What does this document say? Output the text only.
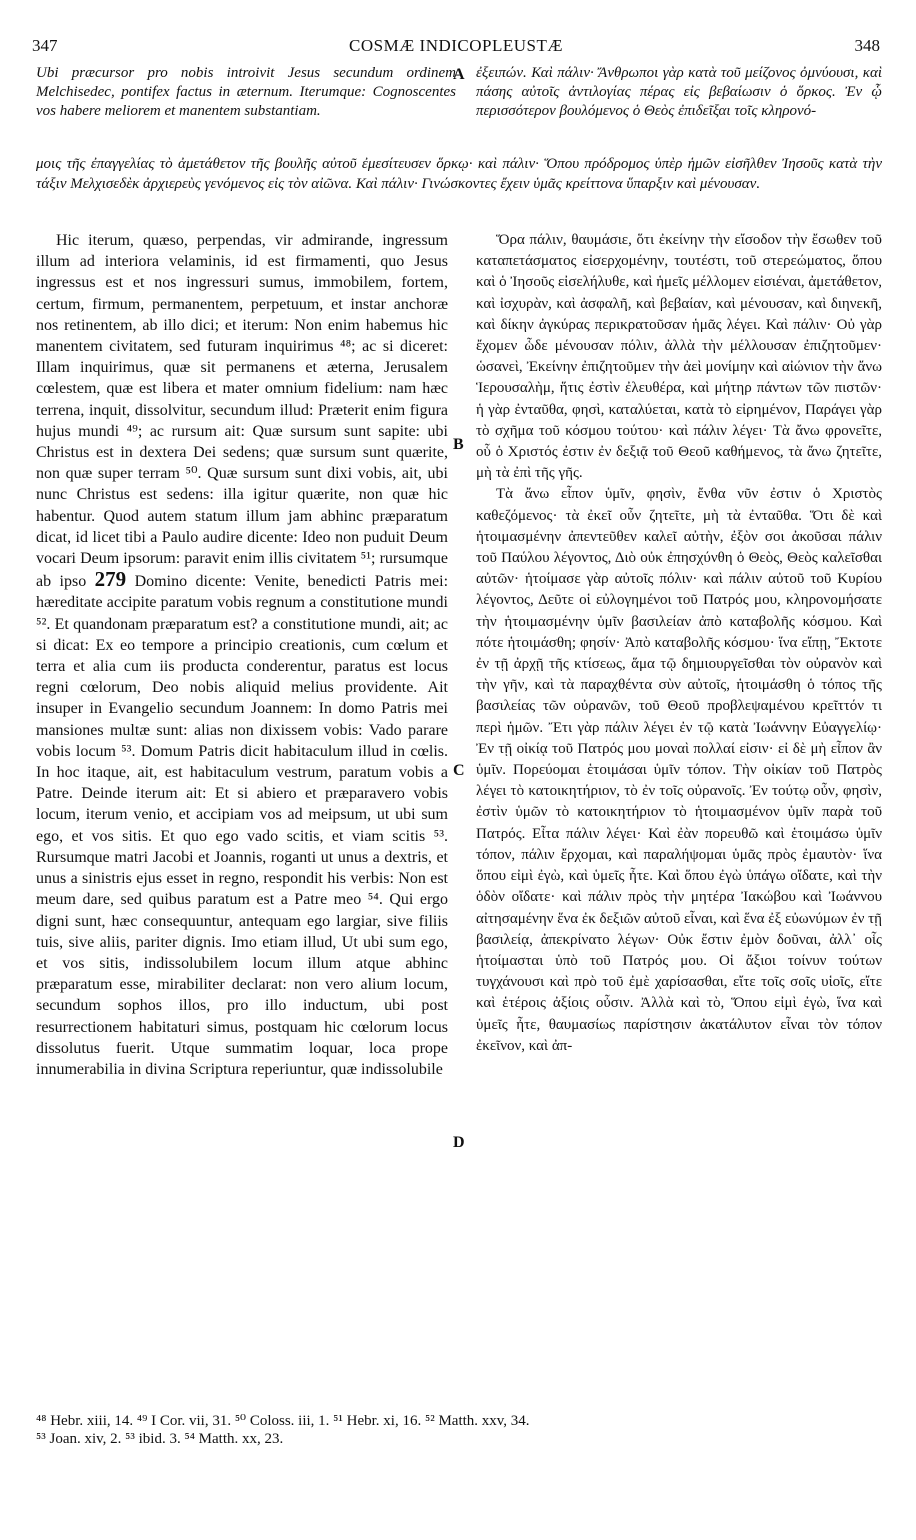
347	COSMÆ INDICOPLEUSTÆ	348
Ubi præcursor pro nobis introivit Jesus secundum ordinem Melchisedec, pontifex factus in æternum. Iterumque: Cognoscentes vos habere meliorem et manentem substantiam.
ἐξειπών. Καὶ πάλιν· Ἄνθρωποι γὰρ κατὰ τοῦ μείζονος ὀμνύουσι, καὶ πάσης αὐτοῖς ἀντιλογίας πέρας εἰς βεβαίωσιν ὁ ὅρκος. Ἐν ᾧ περισσότερον βουλόμενος ὁ Θεὸς ἐπιδεῖξαι τοῖς κληρονό-
μοις τῆς ἐπαγγελίας τὸ ἀμετάθετον τῆς βουλῆς αὐτοῦ ἐμεσίτευσεν ὅρκῳ· καὶ πάλιν· Ὅπου πρόδρομος ὑπὲρ ἡμῶν εἰσῆλθεν Ἰησοῦς κατὰ τὴν τάξιν Μελχισεδὲκ ἀρχιερεὺς γενόμενος εἰς τὸν αἰῶνα. Καὶ πάλιν· Γινώσκοντες ἔχειν ὑμᾶς κρείττονα ὕπαρξιν καὶ μένουσαν.
A
B
C
D

Hic iterum, quæso, perpendas, vir admirande, ingressum illum ad interiora velaminis, id est firmamenti, quo Jesus ingressus est et nos ingressuri sumus, immobilem, fortem, certum, firmum, permanentem, perpetuum, et instar anchoræ nos retinentem, ab illo dici; et iterum: Non enim habemus hic manentem civitatem, sed futuram inquirimus ⁴⁸; ac si diceret: Illam inquirimus, quæ sit permanens et æterna, Jerusalem cœlestem, quæ est libera et mater omnium fidelium: nam hæc terrena, inquit, dissolvitur, secundum illud: Præterit enim figura hujus mundi ⁴⁹; ac rursum ait: Quæ sursum sunt sapite: ubi Christus est in dextera Dei sedens; quæ sursum sunt quærite, non quæ super terram ⁵⁰. Quæ sursum sunt dixi vobis, ait, ubi nunc Christus est sedens: illa igitur quærite, non quæ hic habentur. Quod autem statum illum jam abhinc præparatum dicat, id licet tibi a Paulo audire dicente: Ideo non puduit Deum vocari Deum ipsorum: paravit enim illis civitatem ⁵¹; rursumque ab ipso 279 Domino dicente: Venite, benedicti Patris mei: hæreditate accipite paratum vobis regnum a constitutione mundi ⁵². Et quandonam præparatum est? a constitutione mundi, ait; ac si dicat: Ex eo tempore a principio creationis, cum cœlum et terra et alia cum iis producta conderentur, paratus est locus regni cœlorum, Deo nobis aliquid melius providente. Ait insuper in Evangelio secundum Joannem: In domo Patris mei mansiones multæ sunt: alias non dixissem vobis: Vado parare vobis locum ⁵³. Domum Patris dicit habitaculum illud in cœlis. In hoc itaque, ait, est habitaculum vestrum, paratum vobis a Patre. Deinde iterum ait: Et si abiero et præparavero vobis locum, iterum venio, et accipiam vos ad meipsum, ut ubi sum ego, et vos sitis. Et quo ego vado scitis, et viam scitis ⁵³. Rursumque matri Jacobi et Joannis, roganti ut unus a dextris, et unus a sinistris ejus esset in regno, respondit his verbis: Non est meum dare, sed quibus paratum est a Patre meo ⁵⁴. Qui ergo digni sunt, hæc consequuntur, antequam ego largiar, sive filiis tuis, sive aliis, pariter dignis. Imo etiam illud, Ut ubi sum ego, et vos sitis, indissolubilem locum illum atque abhinc præparatum esse, mirabiliter declarat: non vero alium locum, secundum sophos illos, pro illo inductum, ubi post resurrectionem habitaturi simus, postquam hic cœlorum locus dissolutus fuerit. Utque summatim loquar, loca prope innumerabilia in divina Scriptura reperiuntur, quæ indissolubile

Ὅρα πάλιν, θαυμάσιε, ὅτι ἐκείνην τὴν εἴσοδον τὴν ἔσωθεν τοῦ καταπετάσματος εἰσερχομένην, τουτέστι, τοῦ στερεώματος, ὅπου καὶ ὁ Ἰησοῦς εἰσελήλυθε, καὶ ἡμεῖς μέλλομεν εἰσιέναι, ἀμετάθετον, καὶ ἰσχυρὰν, καὶ ἀσφαλῆ, καὶ βεβαίαν, καὶ μένουσαν, καὶ διηνεκῆ, καὶ δίκην ἀγκύρας περικρατοῦσαν ἡμᾶς λέγει. Καὶ πάλιν· Οὐ γὰρ ἔχομεν ὧδε μένουσαν πόλιν, ἀλλὰ τὴν μέλλουσαν ἐπιζητοῦμεν· ὡσανεὶ, Ἐκείνην ἐπιζητοῦμεν τὴν ἀεὶ μονίμην καὶ αἰώνιον τὴν ἄνω Ἱερουσαλὴμ, ἥτις ἐστὶν ἐλευθέρα, καὶ μήτηρ πάντων τῶν πιστῶν· ἡ γὰρ ἐνταῦθα, φησὶ, καταλύεται, κατὰ τὸ εἰρημένον, Παράγει γὰρ τὸ σχῆμα τοῦ κόσμου τούτου· καὶ πάλιν λέγει· Τὰ ἄνω φρονεῖτε, οὗ ὁ Χριστός ἐστιν ἐν δεξιᾷ τοῦ Θεοῦ καθήμενος, τὰ ἄνω ζητεῖτε, μὴ τὰ ἐπὶ τῆς γῆς.

Τὰ ἄνω εἶπον ὑμῖν, φησὶν, ἔνθα νῦν ἐστιν ὁ Χριστὸς καθεζόμενος· τὰ ἐκεῖ οὖν ζητεῖτε, μὴ τὰ ἐνταῦθα. Ὅτι δὲ καὶ ἡτοιμασμένην ἀπεντεῦθεν καλεῖ αὐτὴν, ἐξὸν σοι ἀκοῦσαι πάλιν τοῦ Παύλου λέγοντος, Διὸ οὐκ ἐπησχύνθη ὁ Θεὸς, Θεὸς καλεῖσθαι αὐτῶν· ἡτοίμασε γὰρ αὐτοῖς πόλιν· καὶ πάλιν αὐτοῦ τοῦ Κυρίου λέγοντος, Δεῦτε οἱ εὐλογημένοι τοῦ Πατρός μου, κληρονομήσατε τὴν ἡτοιμασμένην ὑμῖν βασιλείαν ἀπὸ καταβολῆς κόσμου. Καὶ πότε ἡτοιμάσθη; φησίν· Ἀπὸ καταβολῆς κόσμου· ἵνα εἴπῃ, Ἔκτοτε ἐν τῇ ἀρχῇ τῆς κτίσεως, ἅμα τῷ δημιουργεῖσθαι τὸν οὐρανὸν καὶ τὴν γῆν, καὶ τὰ παραχθέντα σὺν αὐτοῖς, ἡτοιμάσθη ὁ τόπος τῆς βασιλείας τῶν οὐρανῶν, τοῦ Θεοῦ προβλεψαμένου κρεῖττόν τι περὶ ἡμῶν. Ἔτι γὰρ πάλιν λέγει ἐν τῷ κατὰ Ἰωάννην Εὐαγγελίῳ· Ἐν τῇ οἰκίᾳ τοῦ Πατρός μου μοναὶ πολλαί εἰσιν· εἰ δὲ μὴ εἶπον ἂν ὑμῖν. Πορεύομαι ἑτοιμάσαι ὑμῖν τόπον. Τὴν οἰκίαν τοῦ Πατρὸς λέγει τὸ κατοικητήριον, τὸ ἐν τοῖς οὐρανοῖς. Ἐν τούτῳ οὖν, φησὶν, ἐστὶν ὑμῶν τὸ κατοικητήριον τὸ ἡτοιμασμένον ὑμῖν παρὰ τοῦ Πατρός. Εἶτα πάλιν λέγει· Καὶ ἐὰν πορευθῶ καὶ ἑτοιμάσω ὑμῖν τόπον, πάλιν ἔρχομαι, καὶ παραλήψομαι ὑμᾶς πρὸς ἐμαυτὸν· ἵνα ὅπου εἰμὶ ἐγὼ, καὶ ὑμεῖς ἦτε. Καὶ ὅπου ἐγὼ ὑπάγω οἴδατε, καὶ τὴν ὁδὸν οἴδατε· καὶ πάλιν πρὸς τὴν μητέρα Ἰακώβου καὶ Ἰωάννου αἰτησαμένην ἕνα ἐκ δεξιῶν αὐτοῦ εἶναι, καὶ ἕνα ἐξ εὐωνύμων ἐν τῇ βασιλείᾳ, ἀπεκρίνατο λέγων· Οὐκ ἔστιν ἐμὸν δοῦναι, ἀλλ᾽ οἷς ἡτοίμασται ὑπὸ τοῦ Πατρός μου. Οἱ ἄξιοι τοίνυν τούτων τυγχάνουσι καὶ πρὸ τοῦ ἐμὲ χαρίσασθαι, εἴτε τοῖς σοῖς υἱοῖς, εἴτε καὶ ἑτέροις ἀξίοις οὖσιν. Ἀλλὰ καὶ τὸ, Ὅπου εἰμὶ ἐγὼ, ἵνα καὶ ὑμεῖς ἦτε, θαυμασίως παρίστησιν ἀκατάλυτον εἶναι τὸν τόπον ἐκεῖνον, καὶ ἀπ-

⁴⁸ Hebr. xiii, 14. ⁴⁹ I Cor. vii, 31. ⁵⁰ Coloss. iii, 1. ⁵¹ Hebr. xi, 16. ⁵² Matth. xxv, 34.
⁵³ Joan. xiv, 2. ⁵³ ibid. 3. ⁵⁴ Matth. xx, 23.
